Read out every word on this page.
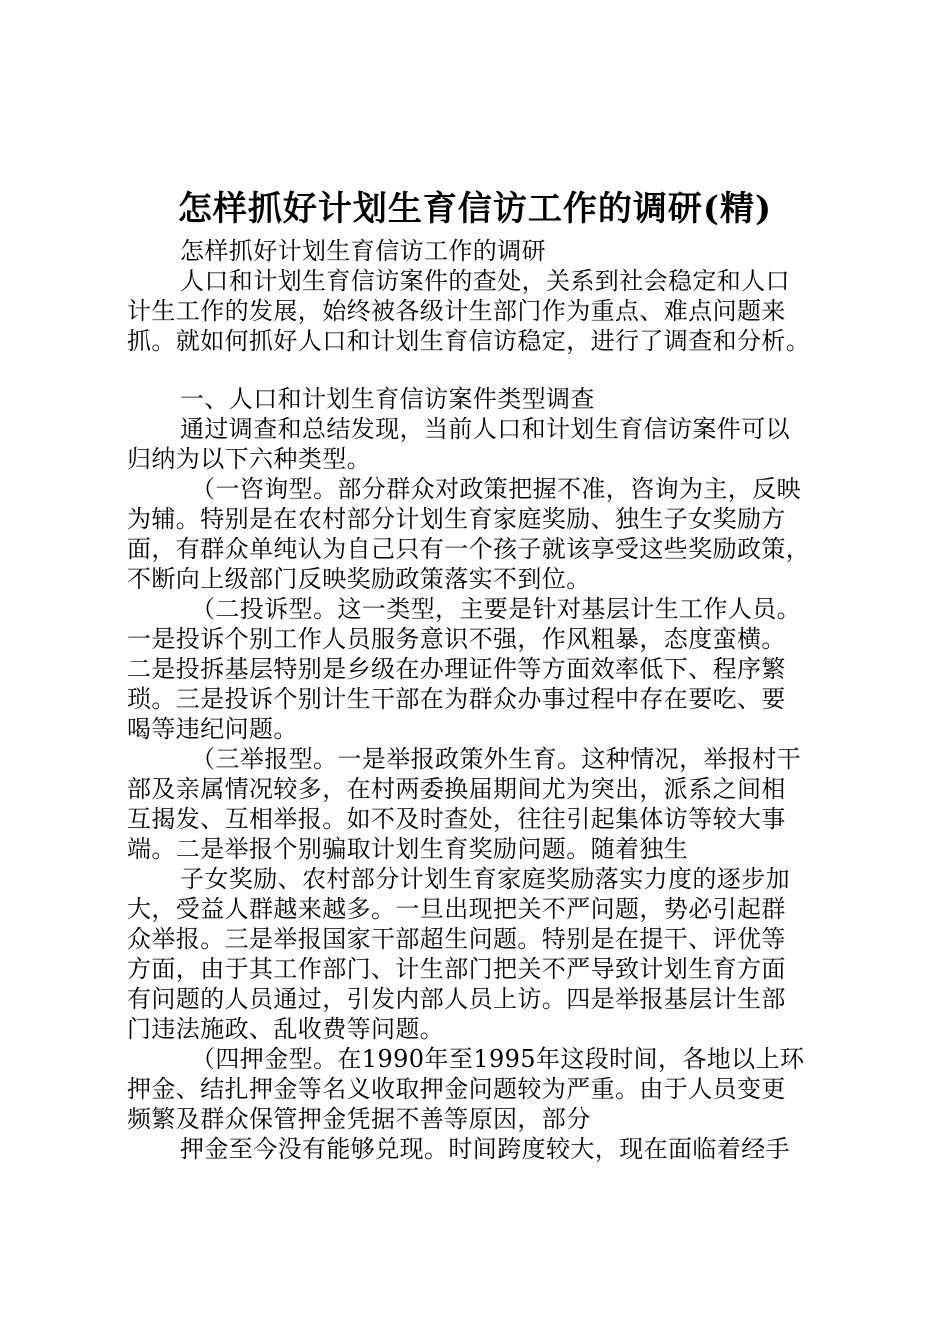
怎样抓好计划生育信访工作的调研(精)
怎样抓好计划生育信访工作的调研
人口和计划生育信访案件的查处，关系到社会稳定和人口
计生工作的发展，始终被各级计生部门作为重点、难点问题来
抓。就如何抓好人口和计划生育信访稳定，进行了调查和分析。
一、人口和计划生育信访案件类型调查
通过调查和总结发现，当前人口和计划生育信访案件可以
归纳为以下六种类型。
（一咨询型。部分群众对政策把握不准，咨询为主，反映
为辅。特别是在农村部分计划生育家庭奖励、独生子女奖励方
面，有群众单纯认为自己只有一个孩子就该享受这些奖励政策，
不断向上级部门反映奖励政策落实不到位。
（二投诉型。这一类型，主要是针对基层计生工作人员。
一是投诉个别工作人员服务意识不强，作风粗暴，态度蛮横。
二是投拆基层特别是乡级在办理证件等方面效率低下、程序繁
琐。三是投诉个别计生干部在为群众办事过程中存在要吃、要
喝等违纪问题。
（三举报型。一是举报政策外生育。这种情况，举报村干
部及亲属情况较多，在村两委换届期间尤为突出，派系之间相
互揭发、互相举报。如不及时查处，往往引起集体访等较大事
端。二是举报个别骗取计划生育奖励问题。随着独生
子女奖励、农村部分计划生育家庭奖励落实力度的逐步加
大，受益人群越来越多。一旦出现把关不严问题，势必引起群
众举报。三是举报国家干部超生问题。特别是在提干、评优等
方面，由于其工作部门、计生部门把关不严导致计划生育方面
有问题的人员通过，引发内部人员上访。四是举报基层计生部
门违法施政、乱收费等问题。
（四押金型。在1990年至1995年这段时间，各地以上环
押金、结扎押金等名义收取押金问题较为严重。由于人员变更
频繁及群众保管押金凭据不善等原因，部分
押金至今没有能够兑现。时间跨度较大，现在面临着经手
